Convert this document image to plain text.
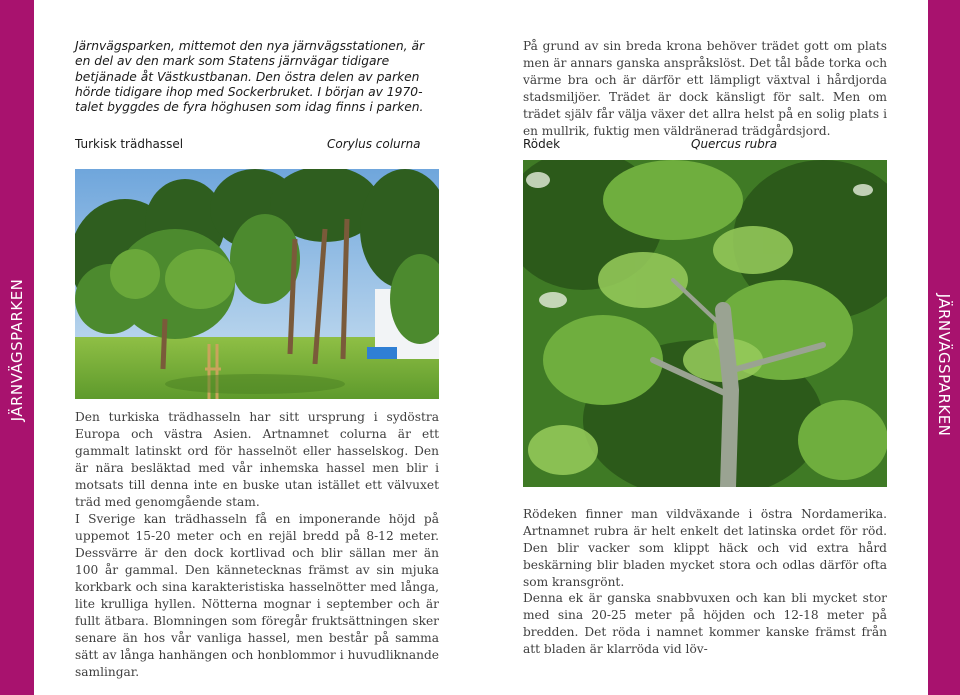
JÄRNVÄGSPARKEN	JÄRNVÄGSPARKEN
Järnvägsparken, mittemot den nya järnvägsstationen, är en del av den mark som Statens järnvägar tidigare betjänade åt Västkustbanan. Den östra delen av parken hörde tidigare ihop med Sockerbruket. I början av 1970-talet byggdes de fyra höghusen som idag finns i parken.
Turkisk trädhassel	Corylus colurna
Den turkiska trädhasseln har sitt ursprung i sydöstra Europa och västra Asien. Artnamnet colurna är ett gammalt latinskt ord för hasselnöt eller hasselskog. Den är nära besläktad med vår inhemska hassel men blir i motsats till denna inte en buske utan istället ett välvuxet träd med genomgående stam.
I Sverige kan trädhasseln få en imponerande höjd på uppemot 15-20 meter och en rejäl bredd på 8-12 meter. Dessvärre är den dock kortlivad och blir sällan mer än 100 år gammal. Den kännetecknas främst av sin mjuka korkbark och sina karakteristiska hasselnötter med långa, lite krulliga hyllen. Nötterna mognar i september och är fullt ätbara. Blomningen som föregår fruktsättningen sker senare än hos vår vanliga hassel, men består på samma sätt av långa hanhängen och honblommor i huvudliknande samlingar.
På grund av sin breda krona behöver trädet gott om plats men är annars ganska anspråkslöst. Det tål både torka och värme bra och är därför ett lämpligt växtval i hårdjorda stadsmiljöer. Trädet är dock känsligt för salt. Men om trädet själv får välja växer det allra helst på en solig plats i en mullrik, fuktig men väldränerad trädgårdsjord.
Rödek	Quercus rubra
Rödeken finner man vildväxande i östra Nordamerika. Artnamnet rubra är helt enkelt det latinska ordet för röd. Den blir vacker som klippt häck och vid extra hård beskärning blir bladen mycket stora och odlas därför ofta som kransgrönt.
Denna ek är ganska snabbvuxen och kan bli mycket stor med sina 20-25 meter på höjden och 12-18 meter på bredden. Det röda i namnet kommer kanske främst från att bladen är klarröda vid löv-
